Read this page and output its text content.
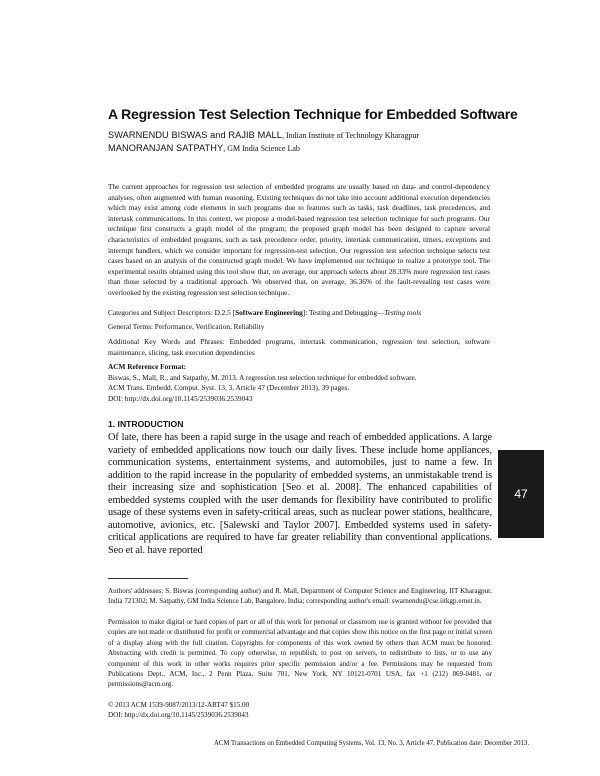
A Regression Test Selection Technique for Embedded Software
SWARNENDU BISWAS and RAJIB MALL, Indian Institute of Technology Kharagpur
MANORANJAN SATPATHY, GM India Science Lab

The current approaches for regression test selection of embedded programs are usually based on data- and control-dependency analyses, often augmented with human reasoning. Existing techniques do not take into account additional execution dependencies which may exist among code elements in such programs due to features such as tasks, task deadlines, task precedences, and intertask communications. In this context, we propose a model-based regression test selection technique for such programs. Our technique first constructs a graph model of the program; the proposed graph model has been designed to capture several characteristics of embedded programs, such as task precedence order, priority, intertask communication, timers, exceptions and interrupt handlers, which we consider important for regression-test selection. Our regression test selection technique selects test cases based on an analysis of the constructed graph model. We have implemented our technique to realize a prototype tool. The experimental results obtained using this tool show that, on average, our approach selects about 28.33% more regression test cases than those selected by a traditional approach. We observed that, on average, 36.36% of the fault-revealing test cases were overlooked by the existing regression test selection technique.

Categories and Subject Descriptors: D.2.5 [Software Engineering]: Testing and Debugging—Testing tools

General Terms: Performance, Verification, Reliability

Additional Key Words and Phrases: Embedded programs, intertask communication, regression test selection, software maintenance, slicing, task execution dependencies

ACM Reference Format:
Biswas, S., Mall, R., and Satpathy, M. 2013. A regression test selection technique for embedded software.
ACM Trans. Embedd. Comput. Syst. 13, 3, Article 47 (December 2013), 39 pages.
DOI: http://dx.doi.org/10.1145/2539036.2539043

1. INTRODUCTION

Of late, there has been a rapid surge in the usage and reach of embedded applications. A large variety of embedded applications now touch our daily lives. These include home appliances, communication systems, entertainment systems, and automobiles, just to name a few. In addition to the rapid increase in the popularity of embedded systems, an unmistakable trend is their increasing size and sophistication [Seo et al. 2008]. The enhanced capabilities of embedded systems coupled with the user demands for flexibility have contributed to prolific usage of these systems even in safety-critical areas, such as nuclear power stations, healthcare, automotive, avionics, etc. [Salewski and Taylor 2007]. Embedded systems used in safety-critical applications are required to have far greater reliability than conventional applications. Seo et al. have reported

47

Authors' addresses: S. Biswas (corresponding author) and R. Mall, Department of Computer Science and Engineering, IIT Kharagpur, India 721302; M. Satpathy, GM India Science Lab, Bangalore, India; corresponding author's email: swarnendu@cse.iitkgp.ernet.in.

Permission to make digital or hard copies of part or all of this work for personal or classroom use is granted without fee provided that copies are not made or distributed for profit or commercial advantage and that copies show this notice on the first page or initial screen of a display along with the full citation. Copyrights for components of this work owned by others than ACM must be honored. Abstracting with credit is permitted. To copy otherwise, to republish, to post on servers, to redistribute to lists, or to use any component of this work in other works requires prior specific permission and/or a fee. Permissions may be requested from Publications Dept., ACM, Inc., 2 Penn Plaza, Suite 701, New York, NY 10121-0701 USA, fax +1 (212) 869-0481, or permissions@acm.org.

© 2013 ACM 1539-9087/2013/12-ART47 $15.00

DOI: http://dx.doi.org/10.1145/2539036.2539043

ACM Transactions on Embedded Computing Systems, Vol. 13, No. 3, Article 47, Publication date: December 2013.
